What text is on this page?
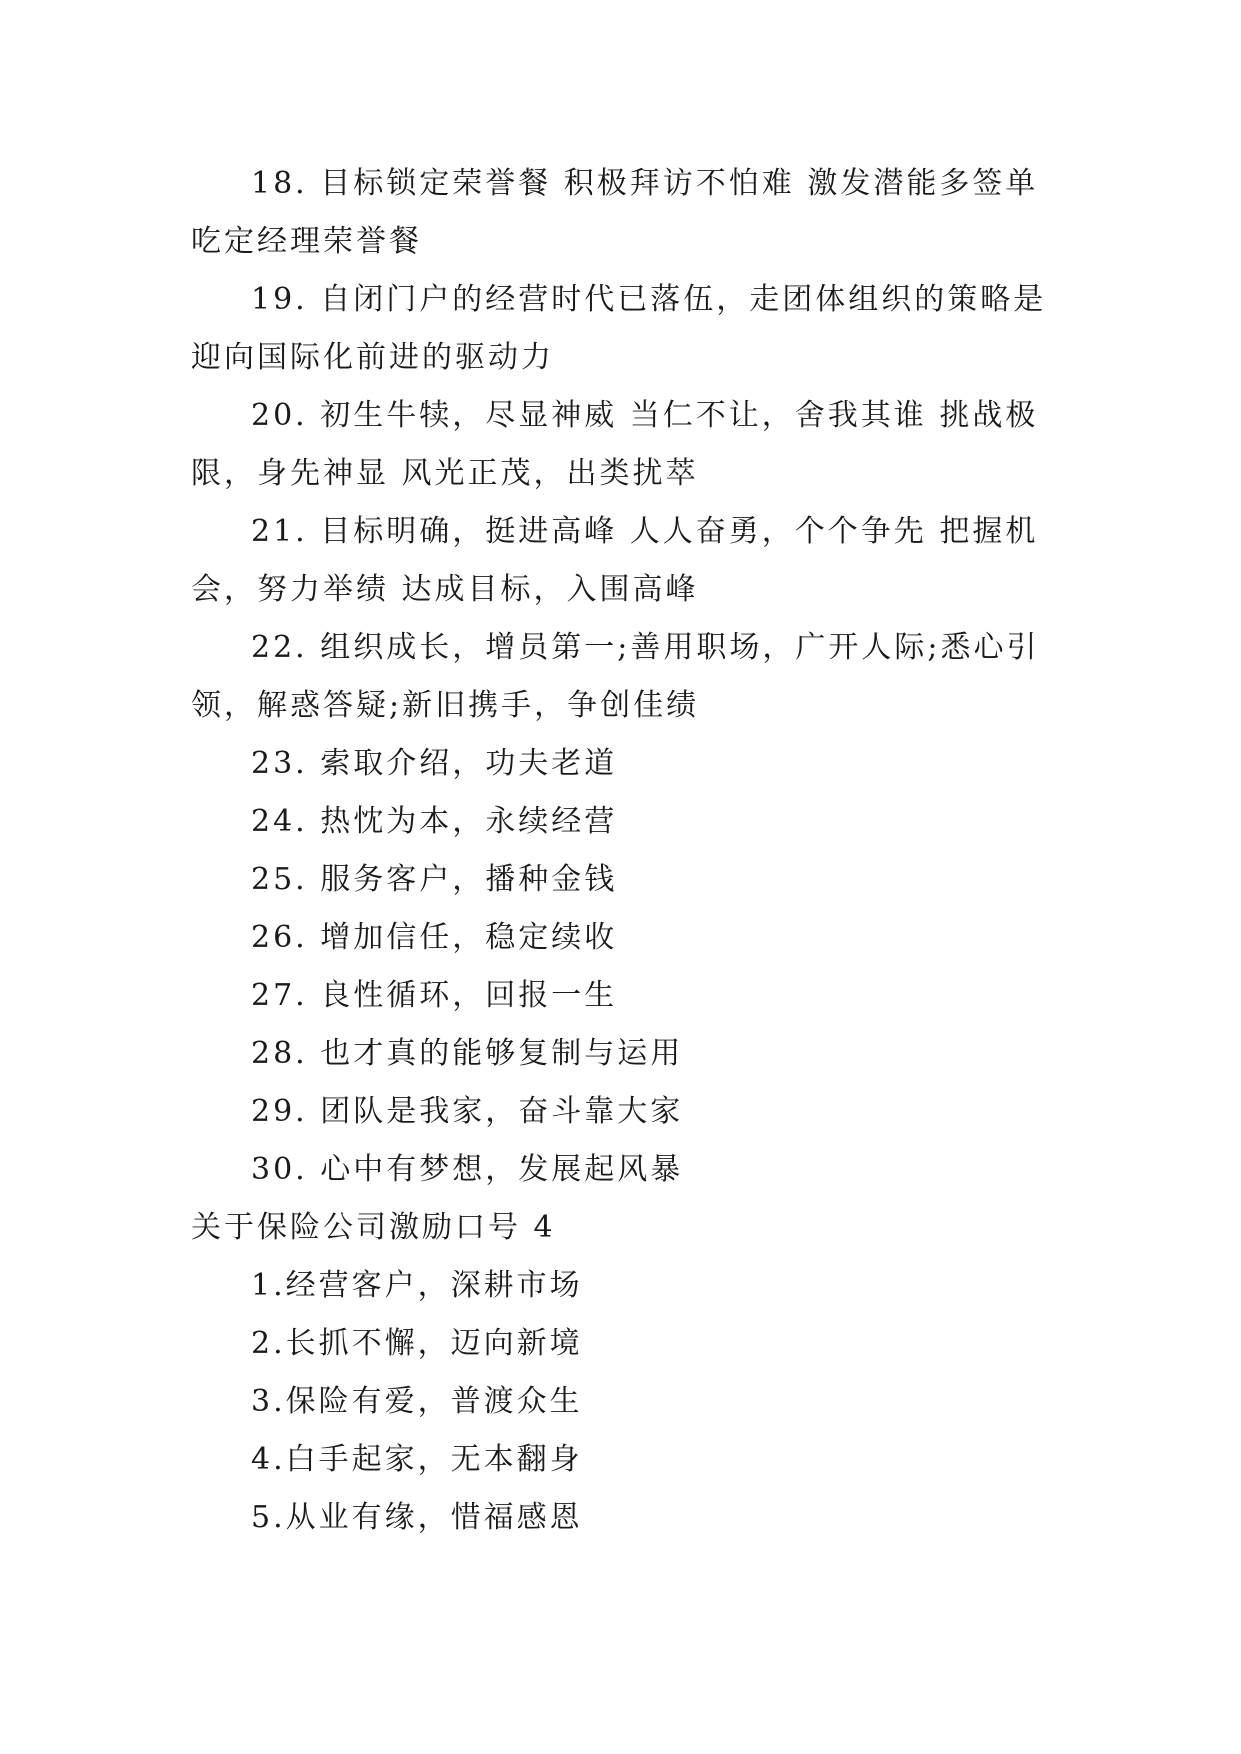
18. 目标锁定荣誉餐 积极拜访不怕难 激发潜能多签单 吃定经理荣誉餐

19. 自闭门户的经营时代已落伍，走团体组织的策略是迎向国际化前进的驱动力

20. 初生牛犊，尽显神威 当仁不让，舍我其谁 挑战极限，身先神显 风光正茂，出类扰萃

21. 目标明确，挺进高峰 人人奋勇，个个争先 把握机会，努力举绩 达成目标，入围高峰

22. 组织成长，增员第一;善用职场，广开人际;悉心引领，解惑答疑;新旧携手，争创佳绩

23. 索取介绍，功夫老道

24. 热忱为本，永续经营

25. 服务客户，播种金钱

26. 增加信任，稳定续收

27. 良性循环，回报一生

28. 也才真的能够复制与运用

29. 团队是我家，奋斗靠大家

30. 心中有梦想，发展起风暴

关于保险公司激励口号 4

1.经营客户，深耕市场

2.长抓不懈，迈向新境

3.保险有爱，普渡众生

4.白手起家，无本翻身

5.从业有缘，惜福感恩
